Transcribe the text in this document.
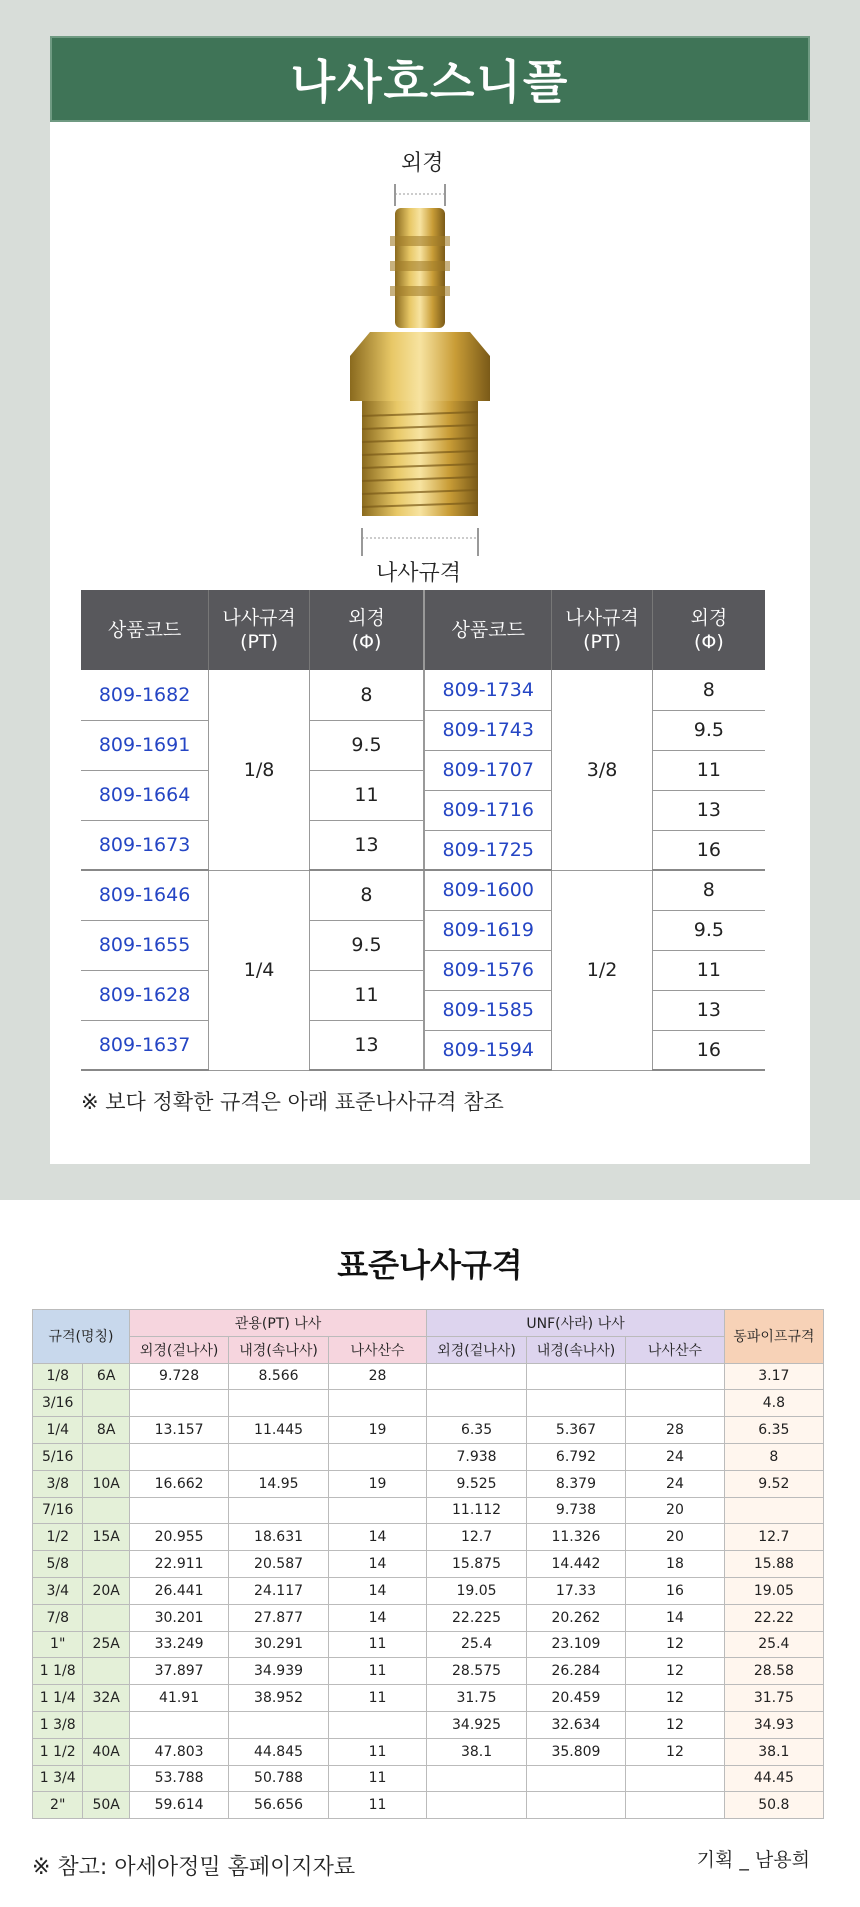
나사호스니플
외경
나사규격
상품코드	나사규격
(PT)	외경
(Φ)
809-1682	1/8	8
809-1691		9.5
809-1664		11
809-1673		13
809-1646	1/4	8
809-1655		9.5
809-1628		11
809-1637		13
상품코드	나사규격
(PT)	외경
(Φ)
809-1734	3/8	8
809-1743		9.5
809-1707		11
809-1716		13
809-1725		16
809-1600	1/2	8
809-1619		9.5
809-1576		11
809-1585		13
809-1594		16
※ 보다 정확한 규격은 아래 표준나사규격 참조
표준나사규격
규격(명칭)		관용(PT) 나사			UNF(사라) 나사			동파이프규격
		외경(겉나사)	내경(속나사)	나사산수	외경(겉나사)	내경(속나사)	나사산수	
1/8	6A	9.728	8.566	28				3.17
3/16								4.8
1/4	8A	13.157	11.445	19	6.35	5.367	28	6.35
5/16					7.938	6.792	24	8
3/8	10A	16.662	14.95	19	9.525	8.379	24	9.52
7/16					11.112	9.738	20	
1/2	15A	20.955	18.631	14	12.7	11.326	20	12.7
5/8		22.911	20.587	14	15.875	14.442	18	15.88
3/4	20A	26.441	24.117	14	19.05	17.33	16	19.05
7/8		30.201	27.877	14	22.225	20.262	14	22.22
1"	25A	33.249	30.291	11	25.4	23.109	12	25.4
1 1/8		37.897	34.939	11	28.575	26.284	12	28.58
1 1/4	32A	41.91	38.952	11	31.75	20.459	12	31.75
1 3/8					34.925	32.634	12	34.93
1 1/2	40A	47.803	44.845	11	38.1	35.809	12	38.1
1 3/4		53.788	50.788	11				44.45
2"	50A	59.614	56.656	11				50.8
※ 참고: 아세아정밀 홈페이지자료	기획 _ 남용희
